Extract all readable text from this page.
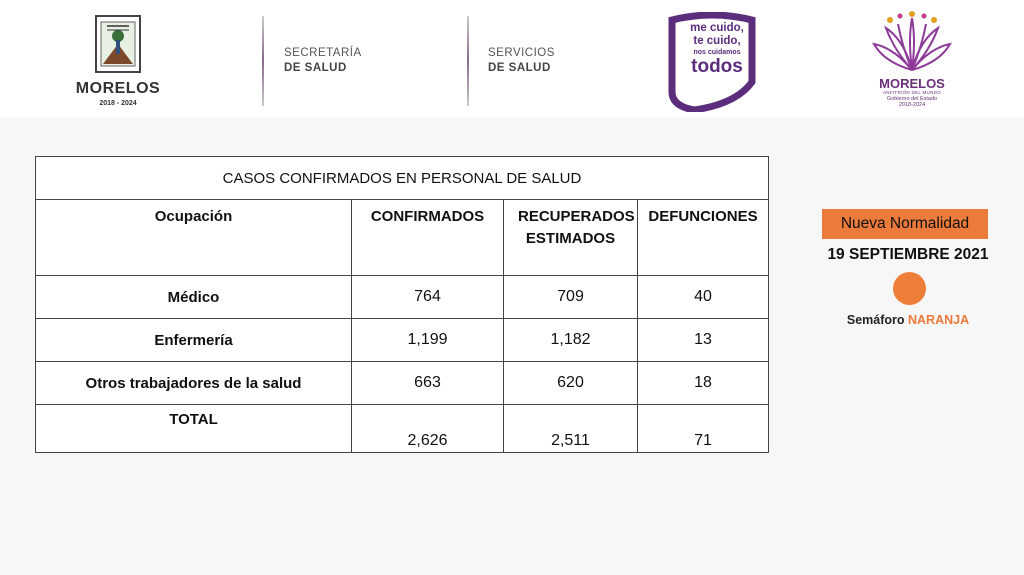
MORELOS
2018 - 2024
SECRETARÍA
DE SALUD
SERVICIOS
DE SALUD
me cuido,
te cuido,
nos cuidamos
todos
MORELOS
ANFITRIÓN DEL MUNDO
Gobierno del Estado
2018-2024
CASOS CONFIRMADOS EN PERSONAL DE SALUD			
Ocupación	CONFIRMADOS	RECUPERADOS ESTIMADOS	DEFUNCIONES
Médico	764	709	40
Enfermería	1,199	1,182	13
Otros trabajadores de la salud	663	620	18
TOTAL	2,626	2,511	71
Nueva Normalidad
19 SEPTIEMBRE 2021
Semáforo NARANJA
